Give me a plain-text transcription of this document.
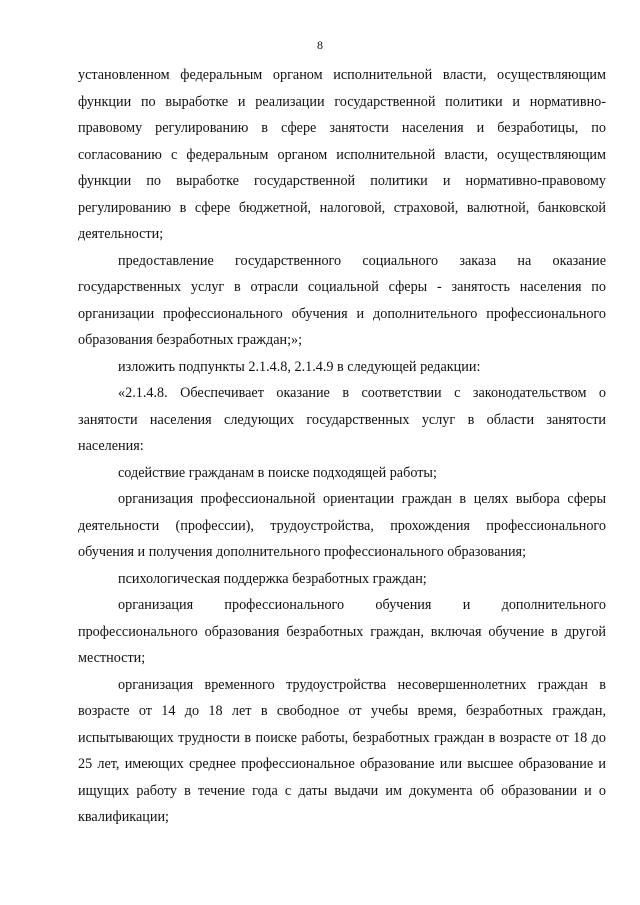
8

установленном федеральным органом исполнительной власти, осуществляющим функции по выработке и реализации государственной политики и нормативно-правовому регулированию в сфере занятости населения и безработицы, по согласованию с федеральным органом исполнительной власти, осуществляющим функции по выработке государственной политики и нормативно-правовому регулированию в сфере бюджетной, налоговой, страховой, валютной, банковской деятельности;

предоставление государственного социального заказа на оказание государственных услуг в отрасли социальной сферы - занятость населения по организации профессионального обучения и дополнительного профессионального образования безработных граждан;»;

изложить подпункты 2.1.4.8, 2.1.4.9 в следующей редакции:

«2.1.4.8. Обеспечивает оказание в соответствии с законодательством о занятости населения следующих государственных услуг в области занятости населения:

содействие гражданам в поиске подходящей работы;

организация профессиональной ориентации граждан в целях выбора сферы деятельности (профессии), трудоустройства, прохождения профессионального обучения и получения дополнительного профессионального образования;

психологическая поддержка безработных граждан;

организация профессионального обучения и дополнительного профессионального образования безработных граждан, включая обучение в другой местности;

организация временного трудоустройства несовершеннолетних граждан в возрасте от 14 до 18 лет в свободное от учебы время, безработных граждан, испытывающих трудности в поиске работы, безработных граждан в возрасте от 18 до 25 лет, имеющих среднее профессиональное образование или высшее образование и ищущих работу в течение года с даты выдачи им документа об образовании и о квалификации;
